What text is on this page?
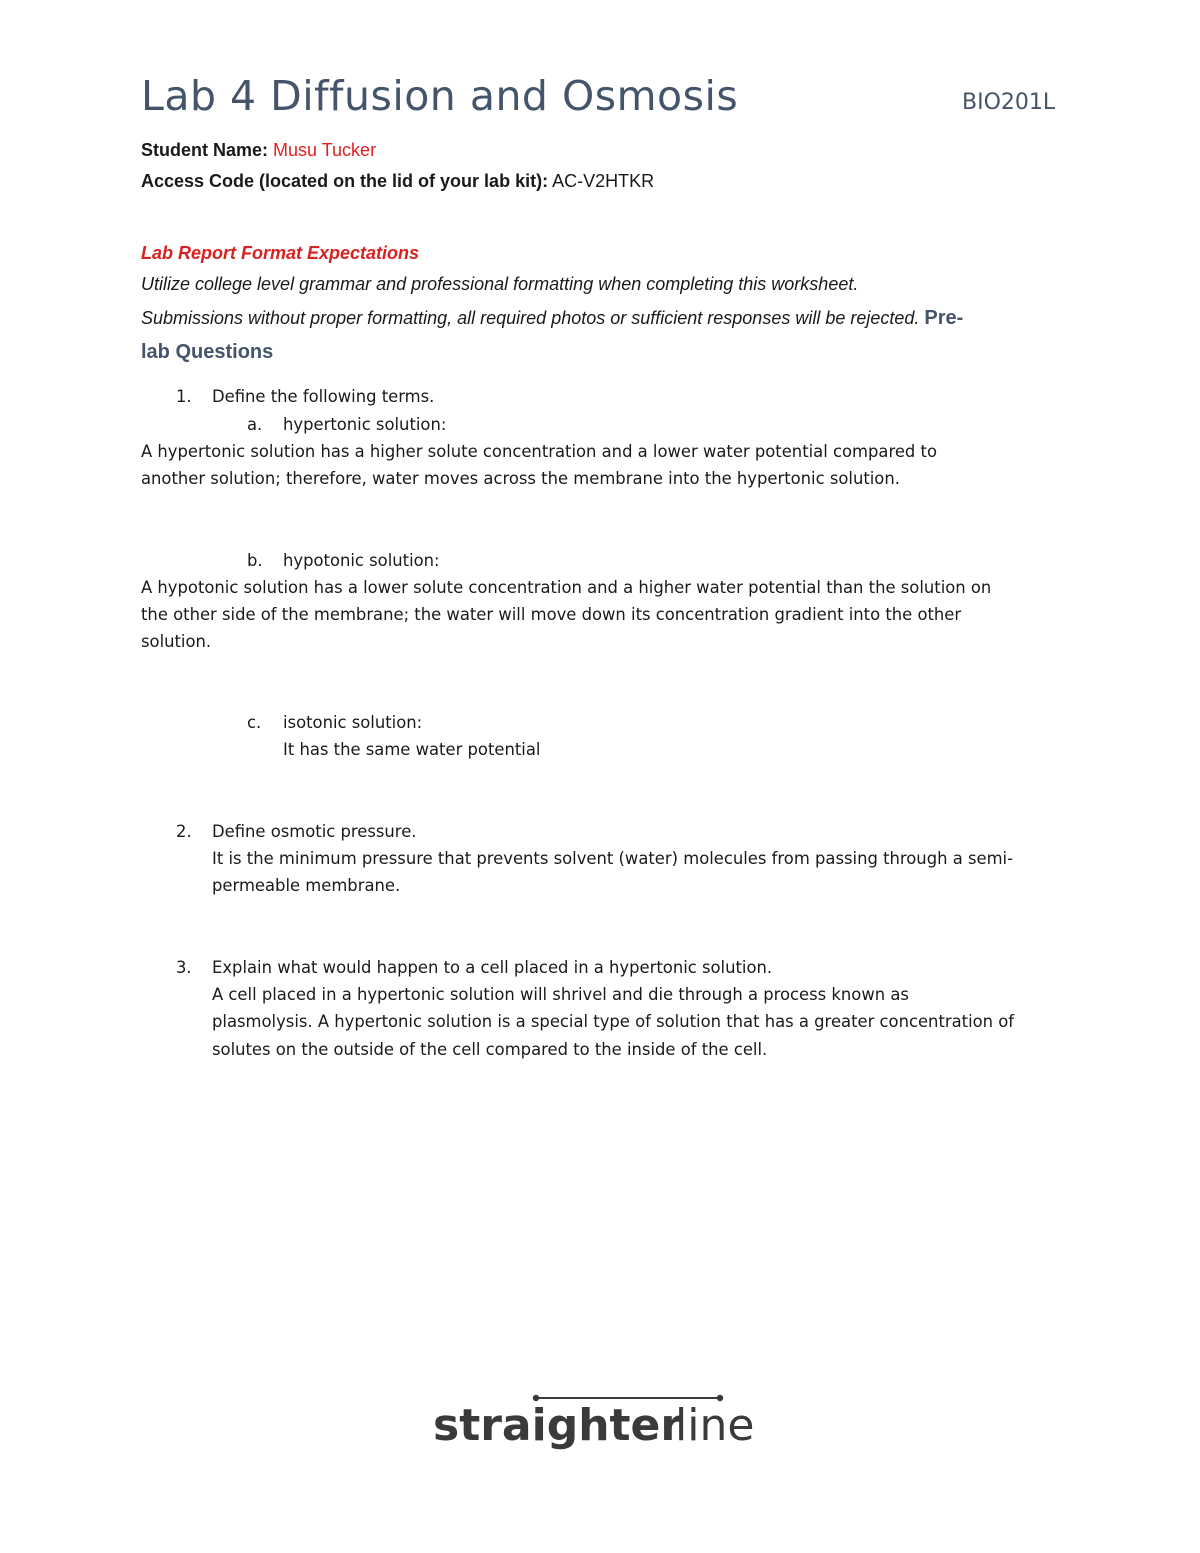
Lab 4 Diffusion and Osmosis	BIO201L
Student Name: Musu Tucker
Access Code (located on the lid of your lab kit): AC-V2HTKR
Lab Report Format Expectations
Utilize college level grammar and professional formatting when completing this worksheet.
Submissions without proper formatting, all required photos or sufficient responses will be rejected. Pre-
lab Questions
1. Define the following terms.
a. hypertonic solution:
A hypertonic solution has a higher solute concentration and a lower water potential compared to
another solution; therefore, water moves across the membrane into the hypertonic solution.
b. hypotonic solution:
A hypotonic solution has a lower solute concentration and a higher water potential than the solution on
the other side of the membrane; the water will move down its concentration gradient into the other
solution.
c. isotonic solution:
It has the same water potential
2. Define osmotic pressure.
It is the minimum pressure that prevents solvent (water) molecules from passing through a semi-
permeable membrane.
3. Explain what would happen to a cell placed in a hypertonic solution.
A cell placed in a hypertonic solution will shrivel and die through a process known as
plasmolysis. A hypertonic solution is a special type of solution that has a greater concentration of
solutes on the outside of the cell compared to the inside of the cell.
straighter
line
